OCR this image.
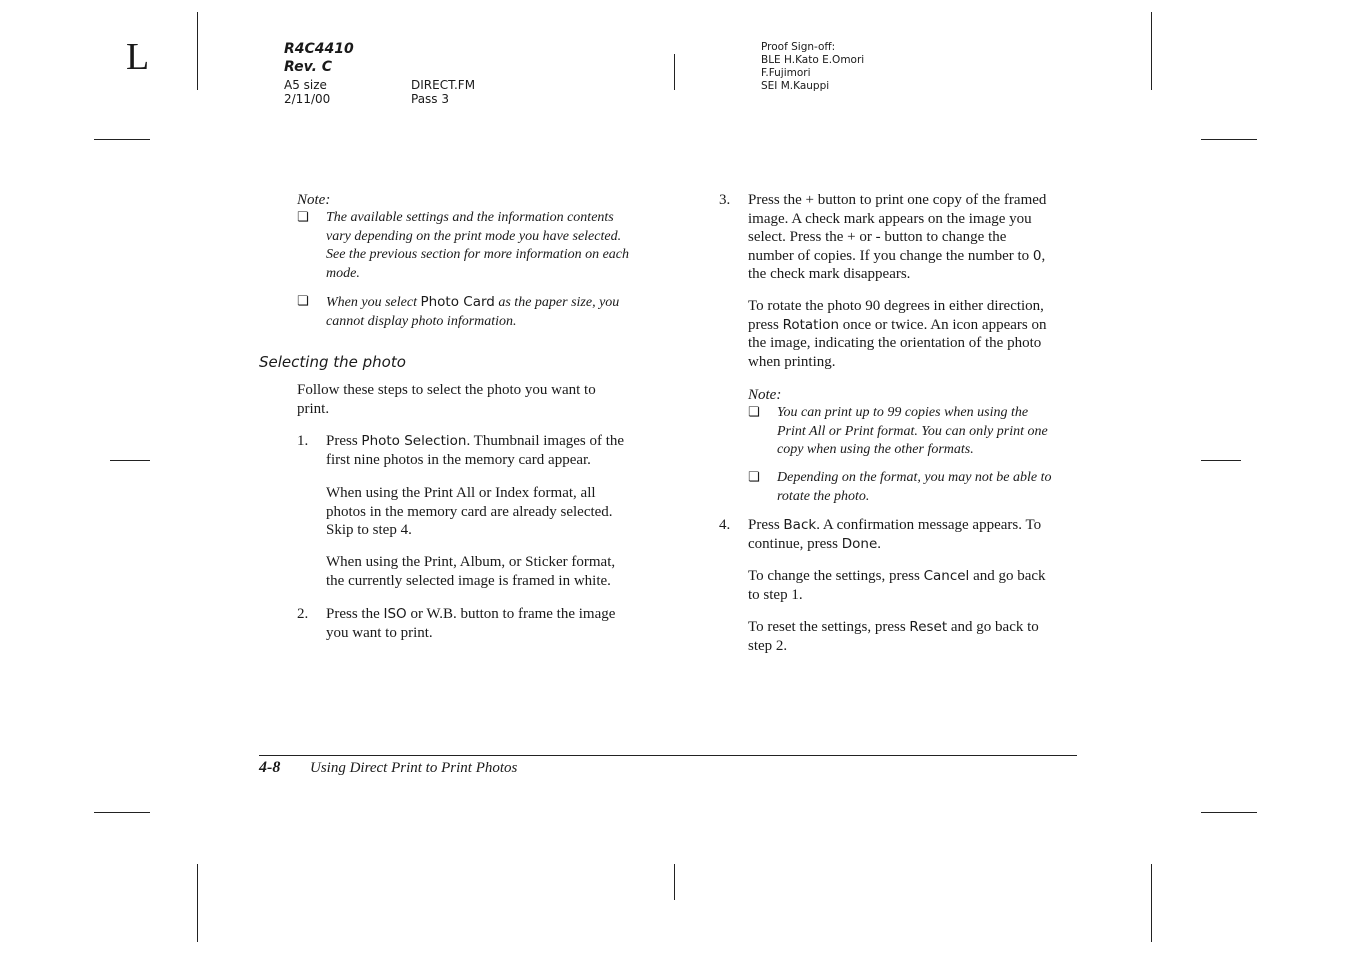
L	R4C4410
Rev. C
A5 size
2/11/00
DIRECT.FM
Pass 3
Proof Sign-off:
BLE H.Kato E.Omori
F.Fujimori
SEI M.Kauppi
Note:
❏ The available settings and the information contents
vary depending on the print mode you have selected.
See the previous section for more information on each
mode.
❏ When you select Photo Card as the paper size, you
cannot display photo information.
Selecting the photo
Follow these steps to select the photo you want to
print.
1. Press Photo Selection. Thumbnail images of the
first nine photos in the memory card appear.
When using the Print All or Index format, all
photos in the memory card are already selected.
Skip to step 4.
When using the Print, Album, or Sticker format,
the currently selected image is framed in white.
2. Press the ISO or W.B. button to frame the image
you want to print.
3. Press the + button to print one copy of the framed
image. A check mark appears on the image you
select. Press the + or - button to change the
number of copies. If you change the number to 0,
the check mark disappears.
To rotate the photo 90 degrees in either direction,
press Rotation once or twice. An icon appears on
the image, indicating the orientation of the photo
when printing.
Note:
❏ You can print up to 99 copies when using the
Print All or Print format. You can only print one
copy when using the other formats.
❏ Depending on the format, you may not be able to
rotate the photo.
4. Press Back. A confirmation message appears. To
continue, press Done.
To change the settings, press Cancel and go back
to step 1.
To reset the settings, press Reset and go back to
step 2.
4-8 Using Direct Print to Print Photos
